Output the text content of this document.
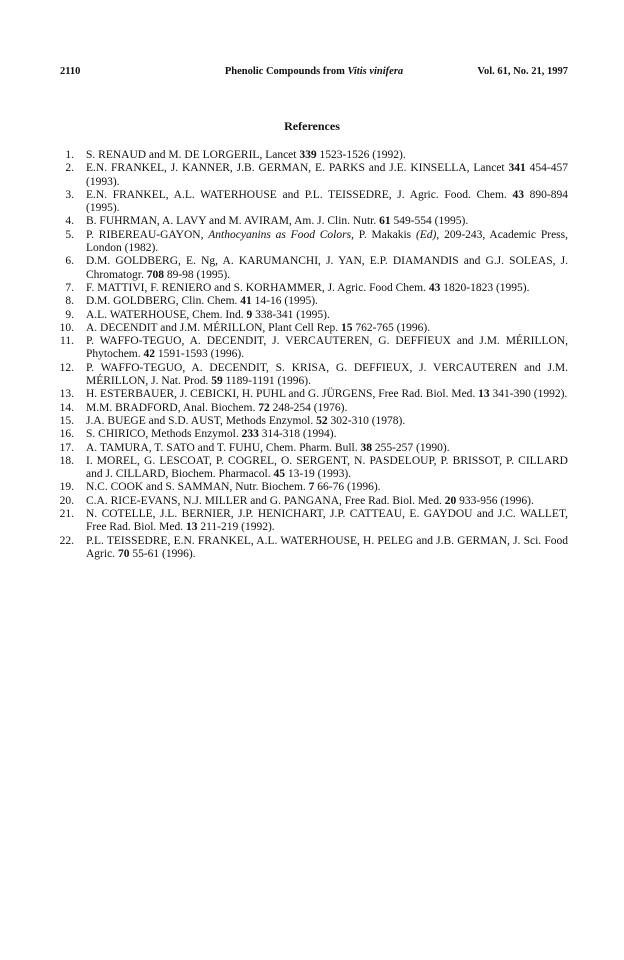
2110	Phenolic Compounds from Vitis vinifera	Vol. 61, No. 21, 1997
References
1 . S. RENAUD and M. DE LORGERIL, Lancet 339 1523-1526 (1992).
2 . E.N. FRANKEL, J. KANNER, J.B. GERMAN, E. PARKS and J.E. KINSELLA, Lancet 341 454-457 (1993).
3 . E.N. FRANKEL, A.L. WATERHOUSE and P.L. TEISSEDRE, J. Agric. Food. Chem. 43 890-894 (1995).
4 . B. FUHRMAN, A. LAVY and M. AVIRAM, Am. J. Clin. Nutr. 61 549-554 (1995).
5 . P. RIBEREAU-GAYON, Anthocyanins as Food Colors, P. Makakis (Ed), 209-243, Academic Press, London (1982).
6 . D.M. GOLDBERG, E. Ng, A. KARUMANCHI, J. YAN, E.P. DIAMANDIS and G.J. SOLEAS, J. Chromatogr. 708 89-98 (1995).
7 . F. MATTIVI, F. RENIERO and S. KORHAMMER, J. Agric. Food Chem. 43 1820-1823 (1995).
8 . D.M. GOLDBERG, Clin. Chem. 41 14-16 (1995).
9 . A.L. WATERHOUSE, Chem. Ind. 9 338-341 (1995).
10 . A. DECENDIT and J.M. MÉRILLON, Plant Cell Rep. 15 762-765 (1996).
11 . P. WAFFO-TEGUO, A. DECENDIT, J. VERCAUTEREN, G. DEFFIEUX and J.M. MÉRILLON, Phytochem. 42 1591-1593 (1996).
12 . P. WAFFO-TEGUO, A. DECENDIT, S. KRISA, G. DEFFIEUX, J. VERCAUTEREN and J.M. MÉRILLON, J. Nat. Prod. 59 1189-1191 (1996).
13 . H. ESTERBAUER, J. CEBICKI, H. PUHL and G. JÜRGENS, Free Rad. Biol. Med. 13 341-390 (1992).
14 . M.M. BRADFORD, Anal. Biochem. 72 248-254 (1976).
15 . J.A. BUEGE and S.D. AUST, Methods Enzymol. 52 302-310 (1978).
16 . S. CHIRICO, Methods Enzymol. 233 314-318 (1994).
17 . A. TAMURA, T. SATO and T. FUHU, Chem. Pharm. Bull. 38 255-257 (1990).
18 . I. MOREL, G. LESCOAT, P. COGREL, O. SERGENT, N. PASDELOUP, P. BRISSOT, P. CILLARD and J. CILLARD, Biochem. Pharmacol. 45 13-19 (1993).
19 . N.C. COOK and S. SAMMAN, Nutr. Biochem. 7 66-76 (1996).
20 . C.A. RICE-EVANS, N.J. MILLER and G. PANGANA, Free Rad. Biol. Med. 20 933-956 (1996).
21 . N. COTELLE, J.L. BERNIER, J.P. HENICHART, J.P. CATTEAU, E. GAYDOU and J.C. WALLET, Free Rad. Biol. Med. 13 211-219 (1992).
22 . P.L. TEISSEDRE, E.N. FRANKEL, A.L. WATERHOUSE, H. PELEG and J.B. GERMAN, J. Sci. Food Agric. 70 55-61 (1996).
